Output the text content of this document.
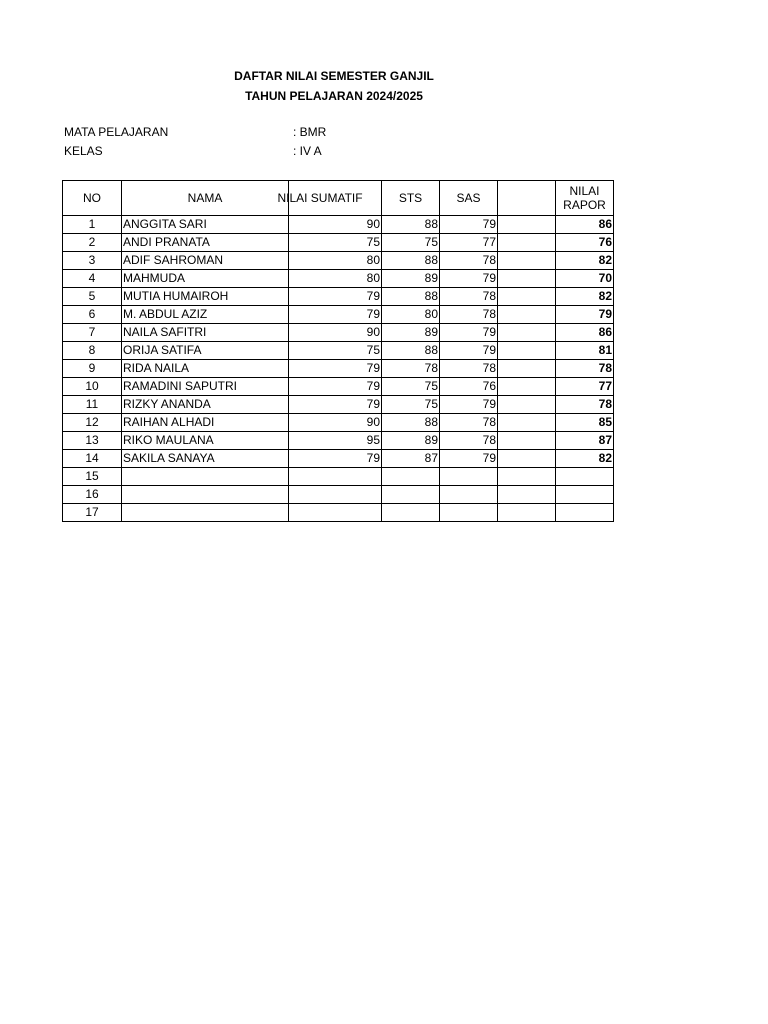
DAFTAR NILAI SEMESTER GANJIL
TAHUN PELAJARAN 2024/2025
MATA PELAJARAN	: BMR
KELAS	: IV A
NO	NAMA	NILAI SUMATIF	STS	SAS		NILAI
RAPOR
1	ANGGITA SARI	90	88	79		86
2	ANDI PRANATA	75	75	77		76
3	ADIF SAHROMAN	80	88	78		82
4	MAHMUDA	80	89	79		70
5	MUTIA HUMAIROH	79	88	78		82
6	M. ABDUL AZIZ	79	80	78		79
7	NAILA SAFITRI	90	89	79		86
8	ORIJA SATIFA	75	88	79		81
9	RIDA NAILA	79	78	78		78
10	RAMADINI SAPUTRI	79	75	76		77
11	RIZKY ANANDA	79	75	79		78
12	RAIHAN ALHADI	90	88	78		85
13	RIKO MAULANA	95	89	78		87
14	SAKILA SANAYA	79	87	79		82
15						
16						
17						
